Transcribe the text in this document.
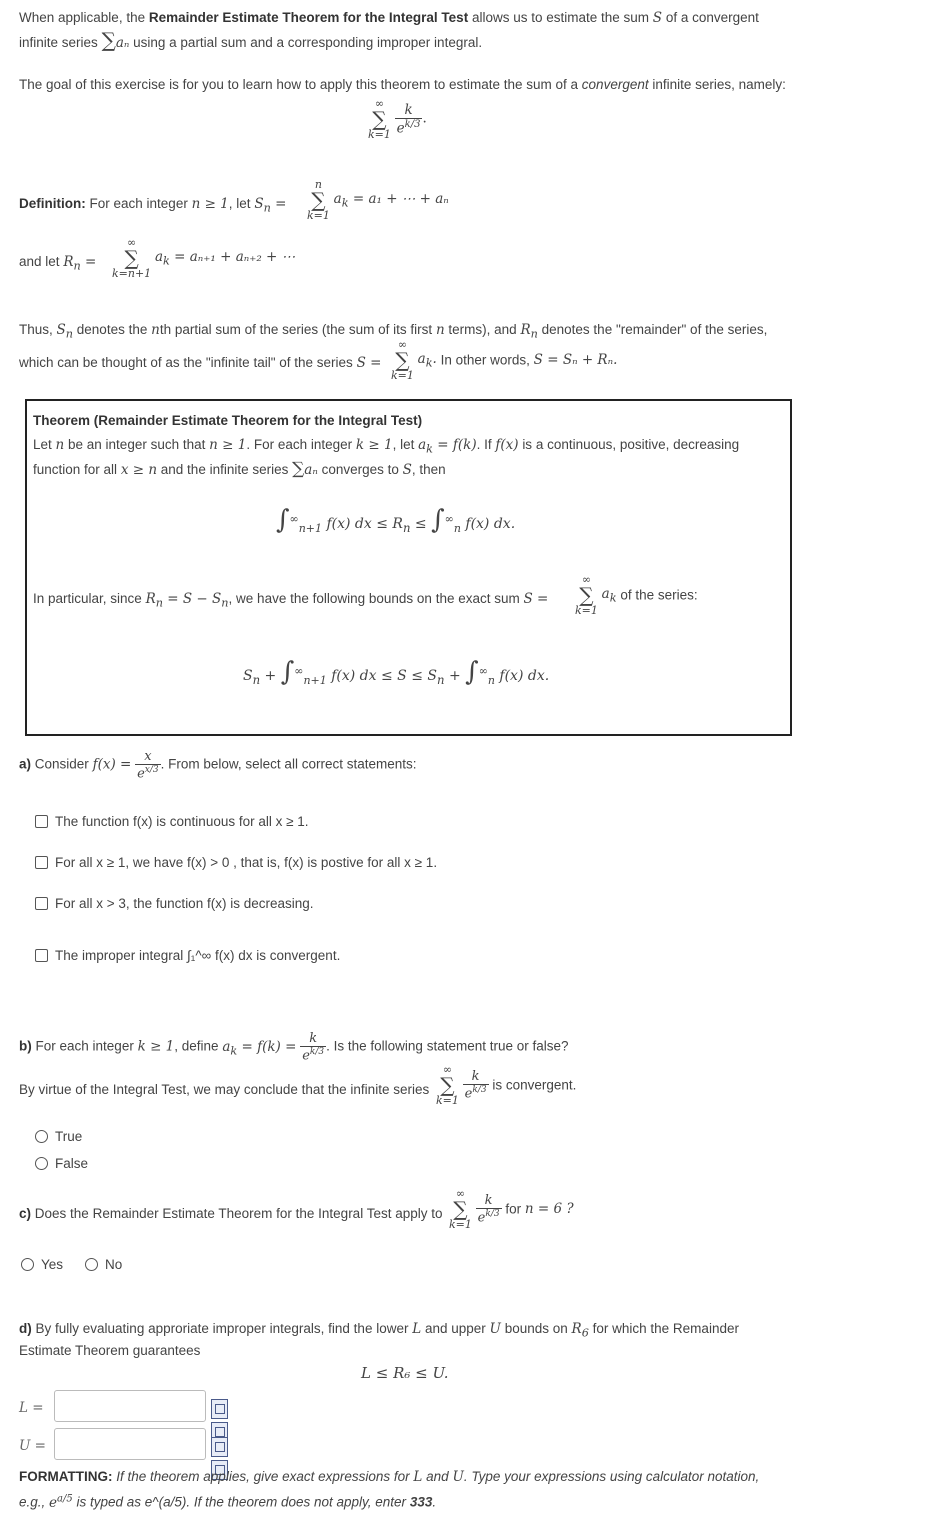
When applicable, the Remainder Estimate Theorem for the Integral Test allows us to estimate the sum S of a convergent
infinite series ∑aₙ using a partial sum and a corresponding improper integral.
The goal of this exercise is for you to learn how to apply this theorem to estimate the sum of a convergent infinite series, namely:
∞
∑
k=1
$\frac{k}{e^{k/3}}$ .
Definition: For each integer n ≥ 1, let $S_n$ =
n
∑
k=1
$a_k = a_1$ + ⋯ + aₙ
and let $R_n$ =
∞
∑
k=n+1
$a_k = a_{n+1} + a_{n+2}$ + ⋯
Thus, $S_n$ denotes the nth partial sum of the series (the sum of its first n terms), and $R_n$ denotes the "remainder" of the series,
which can be thought of as the "infinite tail" of the series S =
∞
∑
k=1
$a_k$. In other words, S = Sₙ + Rₙ.
Theorem (Remainder Estimate Theorem for the Integral Test)
Let n be an integer such that n ≥ 1. For each integer k ≥ 1, let $a_k = f(k)$. If f(x) is a continuous, positive, decreasing
function for all x ≥ n and the infinite series ∑aₙ converges to S, then
$\int^\infty_{n+1}$ f(x) dx ≤ $R_n \le \int^\infty_n$ f(x) dx.
In particular, since $R_n = S - S_n$, we have the following bounds on the exact sum S =
∞
∑
k=1
$a_k$ of the series:
$S_n + \int^\infty_{n+1}$ f(x) dx ≤ $S \le S_n + \int^\infty_n$ f(x) dx.
a) Consider $f(x) = \frac{x}{e^{x/3}}$ . From below, select all correct statements:
The function f(x) is continuous for all x ≥ 1.
For all x ≥ 1, we have f(x) > 0 , that is, f(x) is postive for all x ≥ 1.
For all x > 3, the function f(x) is decreasing.
The improper integral ∫₁^∞ f(x) dx is convergent.
b) For each integer k ≥ 1, define $a_k = f(k) = \frac{k}{e^{k/3}}$ . Is the following statement true or false?
By virtue of the Integral Test, we may conclude that the infinite series
∞
∑
k=1
$\frac{k}{e^{k/3}}$ is convergent.
True
False
c) Does the Remainder Estimate Theorem for the Integral Test apply to
∞
∑
k=1
$\frac{k}{e^{k/3}}$ for n = 6 ?
Yes	No
d) By fully evaluating approriate improper integrals, find the lower L and upper U bounds on $R_6$ for which the Remainder
Estimate Theorem guarantees
L ≤ R₆ ≤ U.
L =
U =
FORMATTING: If the theorem applies, give exact expressions for L and U. Type your expressions using calculator notation,
e.g., $e^{a/5}$ is typed as e^(a/5). If the theorem does not apply, enter 333.
